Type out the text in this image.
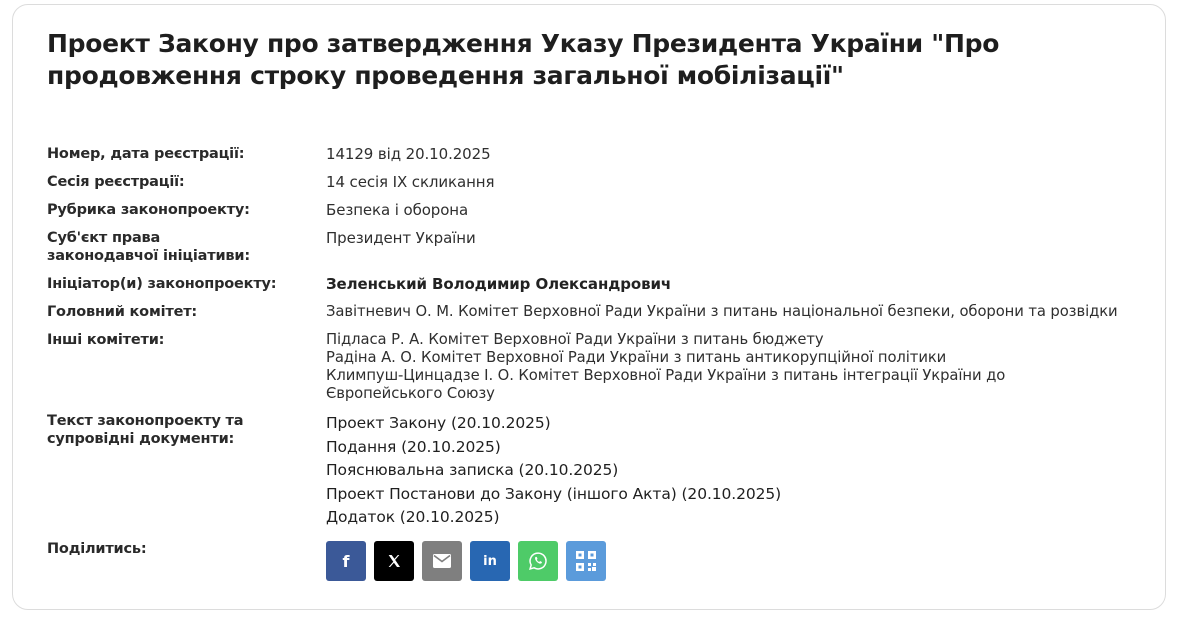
Проект Закону про затвердження Указу Президента України "Про продовження строку проведення загальної мобілізації"
Номер, дата реєстрації:	14129 від 20.10.2025
Сесія реєстрації:	14 сесія IX скликання
Рубрика законопроекту:	Безпека і оборона
Суб'єкт права законодавчої ініціативи:
Президент України
Ініціатор(и) законопроекту:	Зеленський Володимир Олександрович
Головний комітет:	Завітневич О. М. Комітет Верховної Ради України з питань національної безпеки, оборони та розвідки
Інші комітети:	Підласа Р. А. Комітет Верховної Ради України з питань бюджету
Радіна А. О. Комітет Верховної Ради України з питань антикорупційної політики
Климпуш-Цинцадзе І. О. Комітет Верховної Ради України з питань інтеграції України до Європейського Союзу
Текст законопроекту та супровідні документи:
Проект Закону (20.10.2025)
Подання (20.10.2025)
Пояснювальна записка (20.10.2025)
Проект Постанови до Закону (іншого Акта) (20.10.2025)
Додаток (20.10.2025)
Поділитись:
f	in
